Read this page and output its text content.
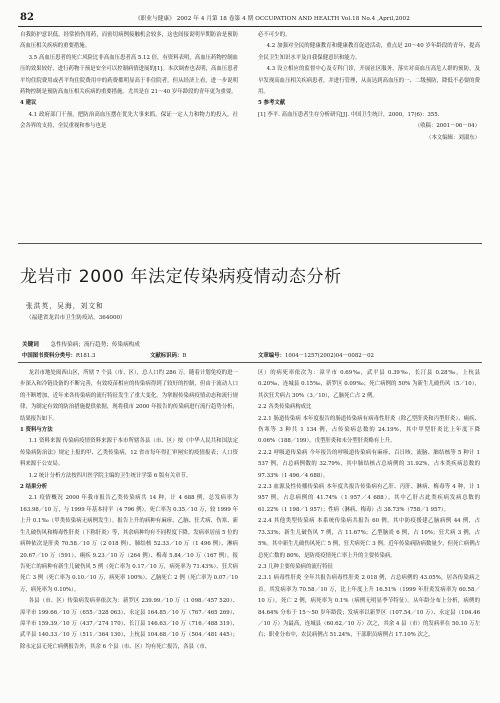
82	《职业与健康》 2002 年 4 月第 18 卷第 4 期 OCCUPATION AND HEALTH Vol.18 No.4 ,April,2002

自我防护意识低，经常损伤用药，而密切病例接触机会较多，这也间接说明早期防治是预防高血压相关疾病的重要措施。

3.5 高血压患者的死亡风险比非高血压患者高 5.12 倍，有资料表明，高血压药物控制血压的效果较好，进行药物干预是安全可以控制病情进展的[1]。本次调查也表明，高血压患者平均住院费用或者平均住院费用中的药费都明显高于非住院者，但从经济上看，进一步说明药物控制是预防高血压相关疾病的重要措施。尤其是在 21～40 岁年龄段的青年更为重要。

4 建议

4.1 政府部门干预，把防治高血压摆在优先大事来抓，保证一定人力和物力的投入，社会各界的支持，全民重视和参与也是

必不可少的。

4.2 加强对全民的健康教育和健康教育促进活动，重点是 20～40 岁年龄段的青年，提高全民卫生知识水平及自我保健意识和能力。

4.3 设立相应的监督中心及专科门诊，开展社区服务，落实对高血压高危人群的预防，及早发现高血压相关疾病患者，并进行管理，从而达到高血压的一、二级预防，降低不必要的费用。

5 参考文献

[1] 李平. 高血压患者生存分析研究[J]. 中国卫生统计，2000，17(6)：355.

（收稿：2001－06－04）

（本文编辑：刘淑东）

龙岩市 2000 年法定传染病疫情动态分析
张洪英，吴海，刘文和
（福建省龙岩市卫生防疫站，364000）
关键词 急性传染病；流行趋势；传染病构成
中国图书资料分类号：R181.3	文献标识码：B	文章编号：1004－1257(2002)04－0082－02

龙岩市地处闽西山区，所辖 7 个县（市、区），总人口约 286 万。随着计划免疫的进一步深入和冷链设备的不断完善，有效疫苗相应的传染病得到了较好的控制，但由于流动人口的不断增加，近年来各传染病的流行特征发生了重大变化。为掌握传染病疫情动态和流行规律，为制定有效的防治措施提供依据，现将我市 2000 年报告的传染病进行流行趋势分析，结果报告如下。

1 资料与方法

1.1 资料来源 传染病疫情资料来源于本市所辖各县（市、区）按《中华人民共和国法定传染病防治法》规定上报的甲、乙类传染病，12 省市每年得汇审闸实的疫情报表；人口资料来源于公安局。

1.2 统计分析方法按四川医学院主编的卫生统计学第 6 版有关章节。

2 结果分析

2.1 疫情概况 2000 年我市报告乙类传染病共 14 种，计 4 688 例，总发病率为 163.98／10 万，与 1999 年基本持平（4 796 例）。死亡率为 0.35／10 万，较 1999 年上升 0.1‰（甲类传染病无病例发生）。报告上升的病种有麻疹、乙脑、狂犬病、伤寒、新生儿破伤风和梅毒性肝炎（下称肝炎）等，其余病种均有不同程度下降。发病率居前 5 位的病种依次是肝炎 70.58／10 万（2 018 例）、肺结核 52.33／10 万（1 496 例）、淋病 20.67／10 万（591）、痢疾 9.23／10 万（264 例）、梅毒 5.84／10 万（167 例），报告死亡的病种有新生儿破伤风 5 例（死亡率为 0.17／10 万，病死率为 71.43%）、狂犬病死亡 3 例（死亡率为 0.10／10 万，病死率 100%）、乙脑死亡 2 例（死亡率为 0.07／10 万，病死率为 0.10%）。

各县（市、区）传染病发病率依次为：新罗区 239.99／10 万（1 098／457 520）、漳平市 199.66／10 万（655／328 063）、永定县 164.85／10 万（767／465 269）、漳平市 159.39／10 万（437／274 170）、长汀县 146.63／10 万（716／488 319）、武平县 140.33／10 万（511／364 130）、上杭县 104.68／10 万（504／481 445）；除永定县无死亡病例报告外，其余 6 个县（市、区）均有死亡报告，各县（市、

区）的病死率依次为：漳平市 0.69‰，武平县 0.39‰，长汀县 0.28‰，上杭县 0.20‰，连城县 0.15‰，新罗区 0.09‰；死亡病例的 50% 为新生儿破伤风（5／10），其次狂犬病占 30%（3／10），乙脑死亡占 2 例。

2.2 各类传染病构成比

2.2.1 肠道传染病 本年度报告的肠道传染病有病毒性肝炎（除乙型肝炎和丙型肝炎）、痢疾、伤寒等 3 种共 1 134 例，占传染病总数的 24.19%，其中甲型肝炎比上年度下降 0.06%（188／199），戊型肝炎和未分型肝炎略有上升。

2.2.2 呼吸道传染病 今年报告的呼吸道传染病有麻疹、百日咳、流脑、肺结核等 5 种计 1 537 例，占总病例数的 32.79%，其中肺结核占总病例的 31.92%，占本类疾病总数的 97.33%（1 496／4 688）。

2.2.3 血源及性传播传染病 本年度共报告传染病有乙肝、丙肝、淋病、梅毒等 4 种，计 1 957 例，占总病例的 41.74%（1 957／4 688）。其中乙肝占此类疾病发病总数的 61.22%（1 198／1 957）；性病（淋病、梅毒）占 38.73%（758／1 957）。

2.2.4 其他类型传染病 本系统传染病共报告 60 例，其中防疫援建乙脑病例 44 例，占 73.33%；新生儿破伤风 7 例，占 11.67%；乙型脑炎 6 例，占 10%；狂犬病 3 例，占 5%。其中新生儿破伤风死亡 5 例，狂犬病死亡 3 例。近年传染病防病数量少，但死亡病例占总死亡数的 80%，是防疫疫情死亡率上升的主要传染病。

2.3 几种主要传染病的流行特征

2.3.1 病毒性肝炎 全年共报告病毒性肝炎 2 018 例，占总病例的 43.05%，居各传染病之首。其发病率为 70.58／10 万，比上年度上升 16.51%（1999 年肝炎发病率为 60.58／10 万）。死亡 2 例，病死率为 0.1%（病例无明显季节特征）。从年龄分布上分析，病例的 84.64% 分布于 15～50 岁年龄段；发病率以新罗区（107.54／10 万）、永定县（104.46／10 万）为最高，连城县（60.62／10 万）次之，其余 4 县（市）的发病率在 50.10 万左右；职业分布中，农民病例占 51.24%，干部职员病例占 17.10% 次之。
